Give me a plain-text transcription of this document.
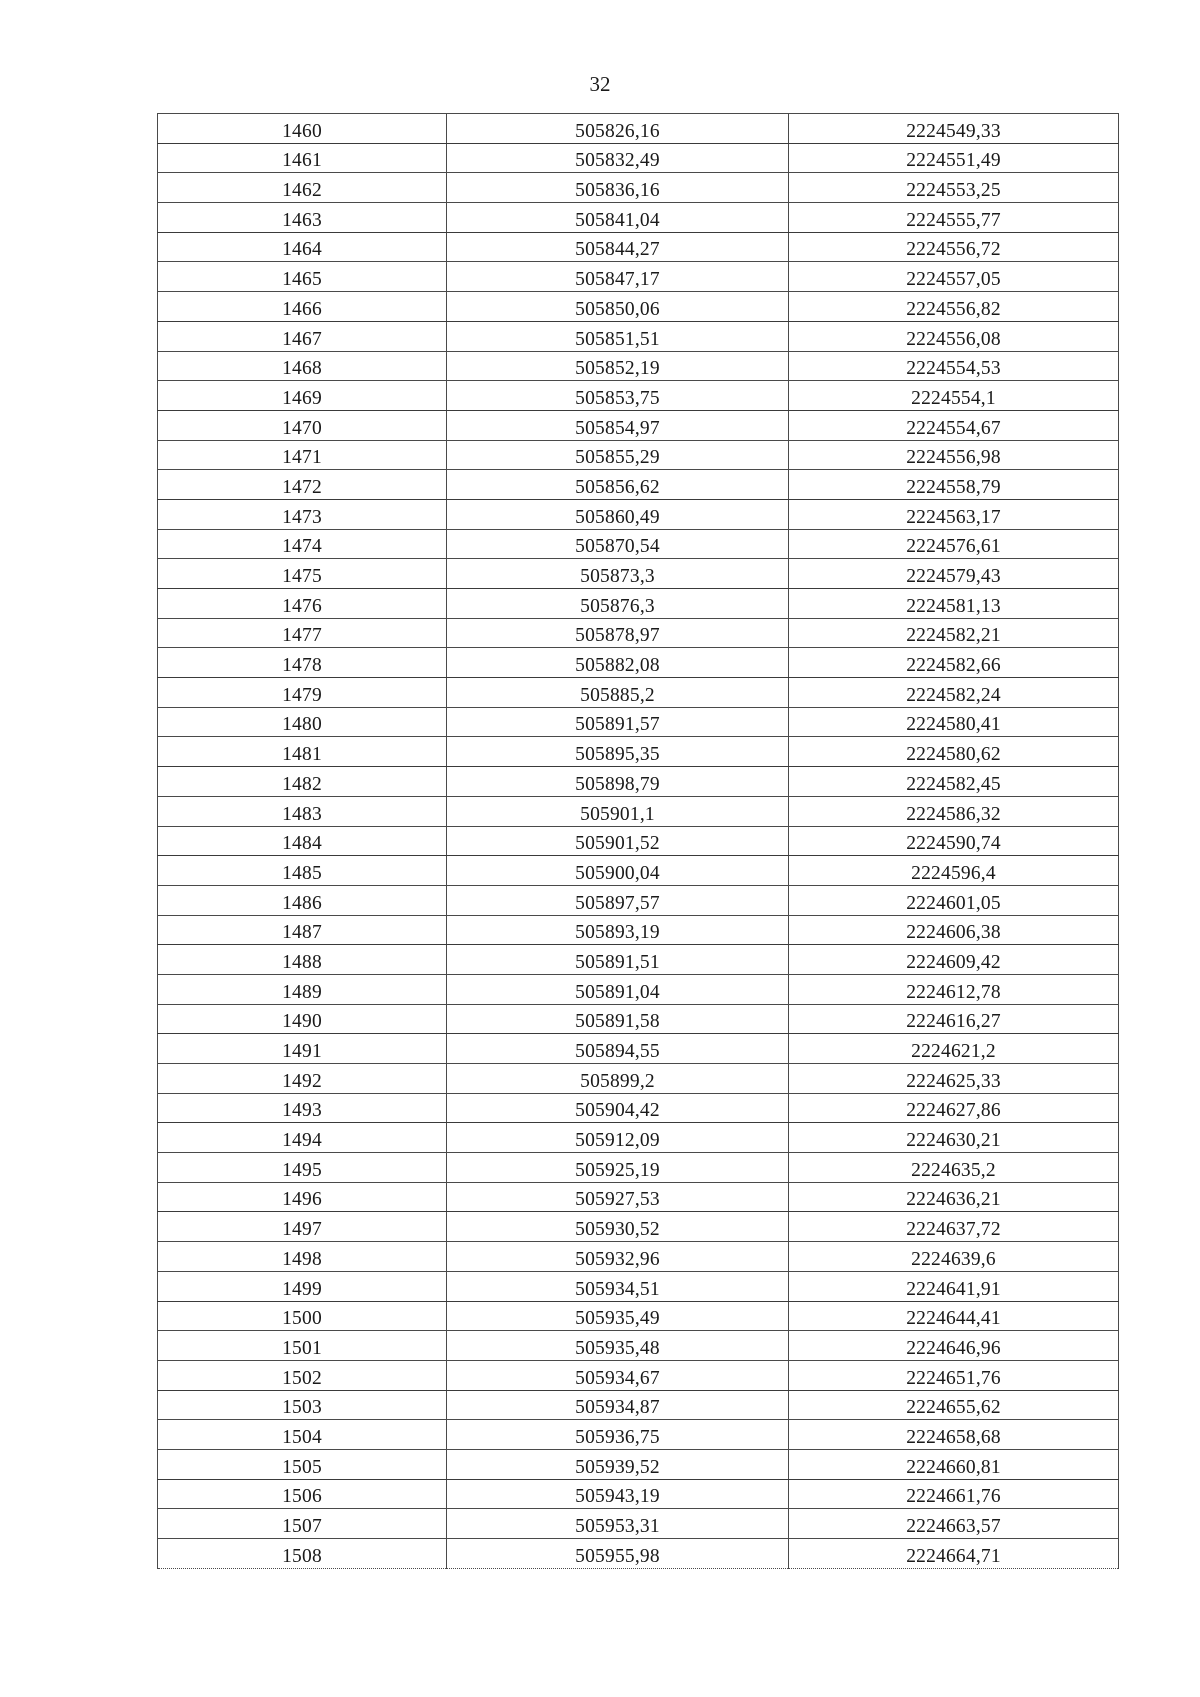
32
1460	505826,16	2224549,33
1461	505832,49	2224551,49
1462	505836,16	2224553,25
1463	505841,04	2224555,77
1464	505844,27	2224556,72
1465	505847,17	2224557,05
1466	505850,06	2224556,82
1467	505851,51	2224556,08
1468	505852,19	2224554,53
1469	505853,75	2224554,1
1470	505854,97	2224554,67
1471	505855,29	2224556,98
1472	505856,62	2224558,79
1473	505860,49	2224563,17
1474	505870,54	2224576,61
1475	505873,3	2224579,43
1476	505876,3	2224581,13
1477	505878,97	2224582,21
1478	505882,08	2224582,66
1479	505885,2	2224582,24
1480	505891,57	2224580,41
1481	505895,35	2224580,62
1482	505898,79	2224582,45
1483	505901,1	2224586,32
1484	505901,52	2224590,74
1485	505900,04	2224596,4
1486	505897,57	2224601,05
1487	505893,19	2224606,38
1488	505891,51	2224609,42
1489	505891,04	2224612,78
1490	505891,58	2224616,27
1491	505894,55	2224621,2
1492	505899,2	2224625,33
1493	505904,42	2224627,86
1494	505912,09	2224630,21
1495	505925,19	2224635,2
1496	505927,53	2224636,21
1497	505930,52	2224637,72
1498	505932,96	2224639,6
1499	505934,51	2224641,91
1500	505935,49	2224644,41
1501	505935,48	2224646,96
1502	505934,67	2224651,76
1503	505934,87	2224655,62
1504	505936,75	2224658,68
1505	505939,52	2224660,81
1506	505943,19	2224661,76
1507	505953,31	2224663,57
1508	505955,98	2224664,71
